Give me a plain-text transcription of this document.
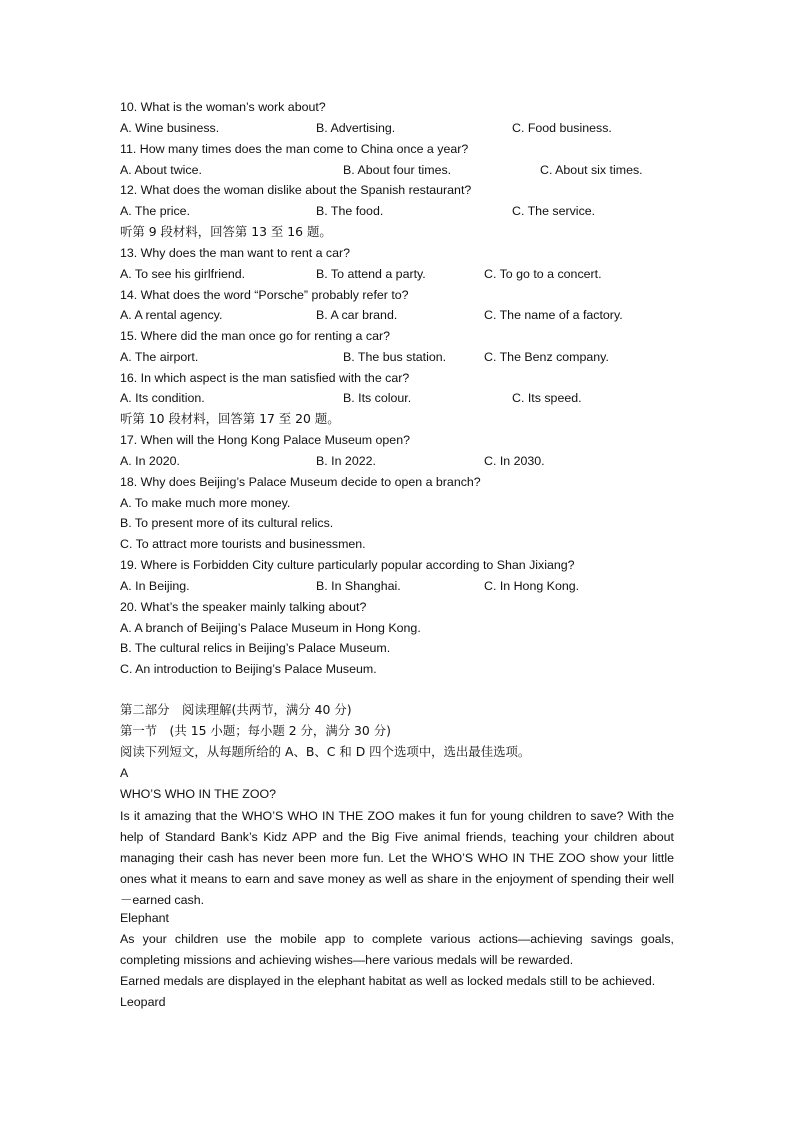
10. What is the woman’s work about?
A. Wine business.	B. Advertising.	C. Food business.
11. How many times does the man come to China once a year?
A. About twice.	B. About four times.	C. About six times.
12. What does the woman dislike about the Spanish restaurant?
A. The price.	B. The food.	C. The service.
听第 9 段材料，回答第 13 至 16 题。
13. Why does the man want to rent a car?
A. To see his girlfriend.	B. To attend a party.	C. To go to a concert.
14. What does the word “Porsche” probably refer to?
A. A rental agency.	B. A car brand.	C. The name of a factory.
15. Where did the man once go for renting a car?
A. The airport.	B. The bus station.	C. The Benz company.
16. In which aspect is the man satisfied with the car?
A. Its condition.	B. Its colour.	C. Its speed.
听第 10 段材料，回答第 17 至 20 题。
17. When will the Hong Kong Palace Museum open?
A. In 2020.	B. In 2022.	C. In 2030.
18. Why does Beijing’s Palace Museum decide to open a branch?
A. To make much more money.
B. To present more of its cultural relics.
C. To attract more tourists and businessmen.
19. Where is Forbidden City culture particularly popular according to Shan Jixiang?
A. In Beijing.	B. In Shanghai.	C. In Hong Kong.
20. What’s the speaker mainly talking about?
A. A branch of Beijing’s Palace Museum in Hong Kong.
B. The cultural relics in Beijing’s Palace Museum.
C. An introduction to Beijing’s Palace Museum.
第二部分　阅读理解(共两节，满分 40 分)
第一节　(共 15 小题；每小题 2 分，满分 30 分)
阅读下列短文，从每题所给的 A、B、C 和 D 四个选项中，选出最佳选项。
A
WHO’S WHO IN THE ZOO?
Is it amazing that the WHO’S WHO IN THE ZOO makes it fun for young children to save? With the help of Standard Bank’s Kidz APP and the Big Five animal friends, teaching your children about managing their cash has never been more fun. Let the WHO’S WHO IN THE ZOO show your little ones what it means to earn and save money as well as share in the enjoyment of spending their well－earned cash.
Elephant
As your children use the mobile app to complete various actions—achieving savings goals, completing missions and achieving wishes—here various medals will be rewarded.
Earned medals are displayed in the elephant habitat as well as locked medals still to be achieved.
Leopard
